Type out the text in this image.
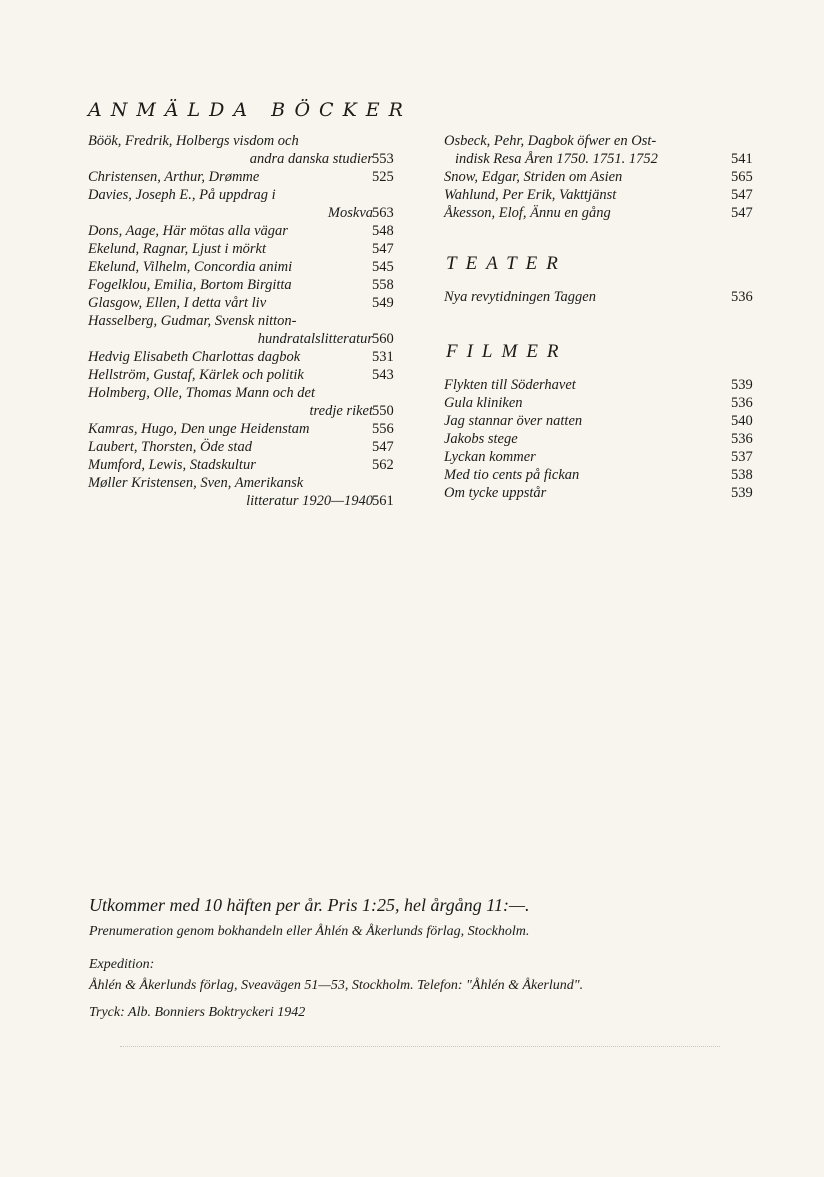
ANMÄLDA BÖCKER
Böök, Fredrik, Holbergs visdom och
andra danska studier 553
Christensen, Arthur, Drømme	525
Davies, Joseph E., På uppdrag i
Moskva 563
Dons, Aage, Här mötas alla vägar	548
Ekelund, Ragnar, Ljust i mörkt	547
Ekelund, Vilhelm, Concordia animi	545
Fogelklou, Emilia, Bortom Birgitta	558
Glasgow, Ellen, I detta vårt liv	549
Hasselberg, Gudmar, Svensk nitton-
hundratalslitteratur 560
Hedvig Elisabeth Charlottas dagbok	531
Hellström, Gustaf, Kärlek och politik	543
Holmberg, Olle, Thomas Mann och det
tredje riket 550
Kamras, Hugo, Den unge Heidenstam	556
Laubert, Thorsten, Öde stad	547
Mumford, Lewis, Stadskultur	562
Møller Kristensen, Sven, Amerikansk
litteratur 1920—1940 561
Osbeck, Pehr, Dagbok öfwer en Ost-
indisk Resa Åren 1750. 1751. 1752	541
Snow, Edgar, Striden om Asien	565
Wahlund, Per Erik, Vakttjänst	547
Åkesson, Elof, Ännu en gång	547
TEATER
Nya revytidningen Taggen	536
FILMER
Flykten till Söderhavet	539
Gula kliniken	536
Jag stannar över natten	540
Jakobs stege	536
Lyckan kommer	537
Med tio cents på fickan	538
Om tycke uppstår	539
Utkommer med 10 häften per år. Pris 1:25, hel årgång 11:—.
Prenumeration genom bokhandeln eller Åhlén & Åkerlunds förlag, Stockholm.
Expedition:
Åhlén & Åkerlunds förlag, Sveavägen 51—53, Stockholm. Telefon: "Åhlén & Åkerlund".
Tryck: Alb. Bonniers Boktryckeri 1942
